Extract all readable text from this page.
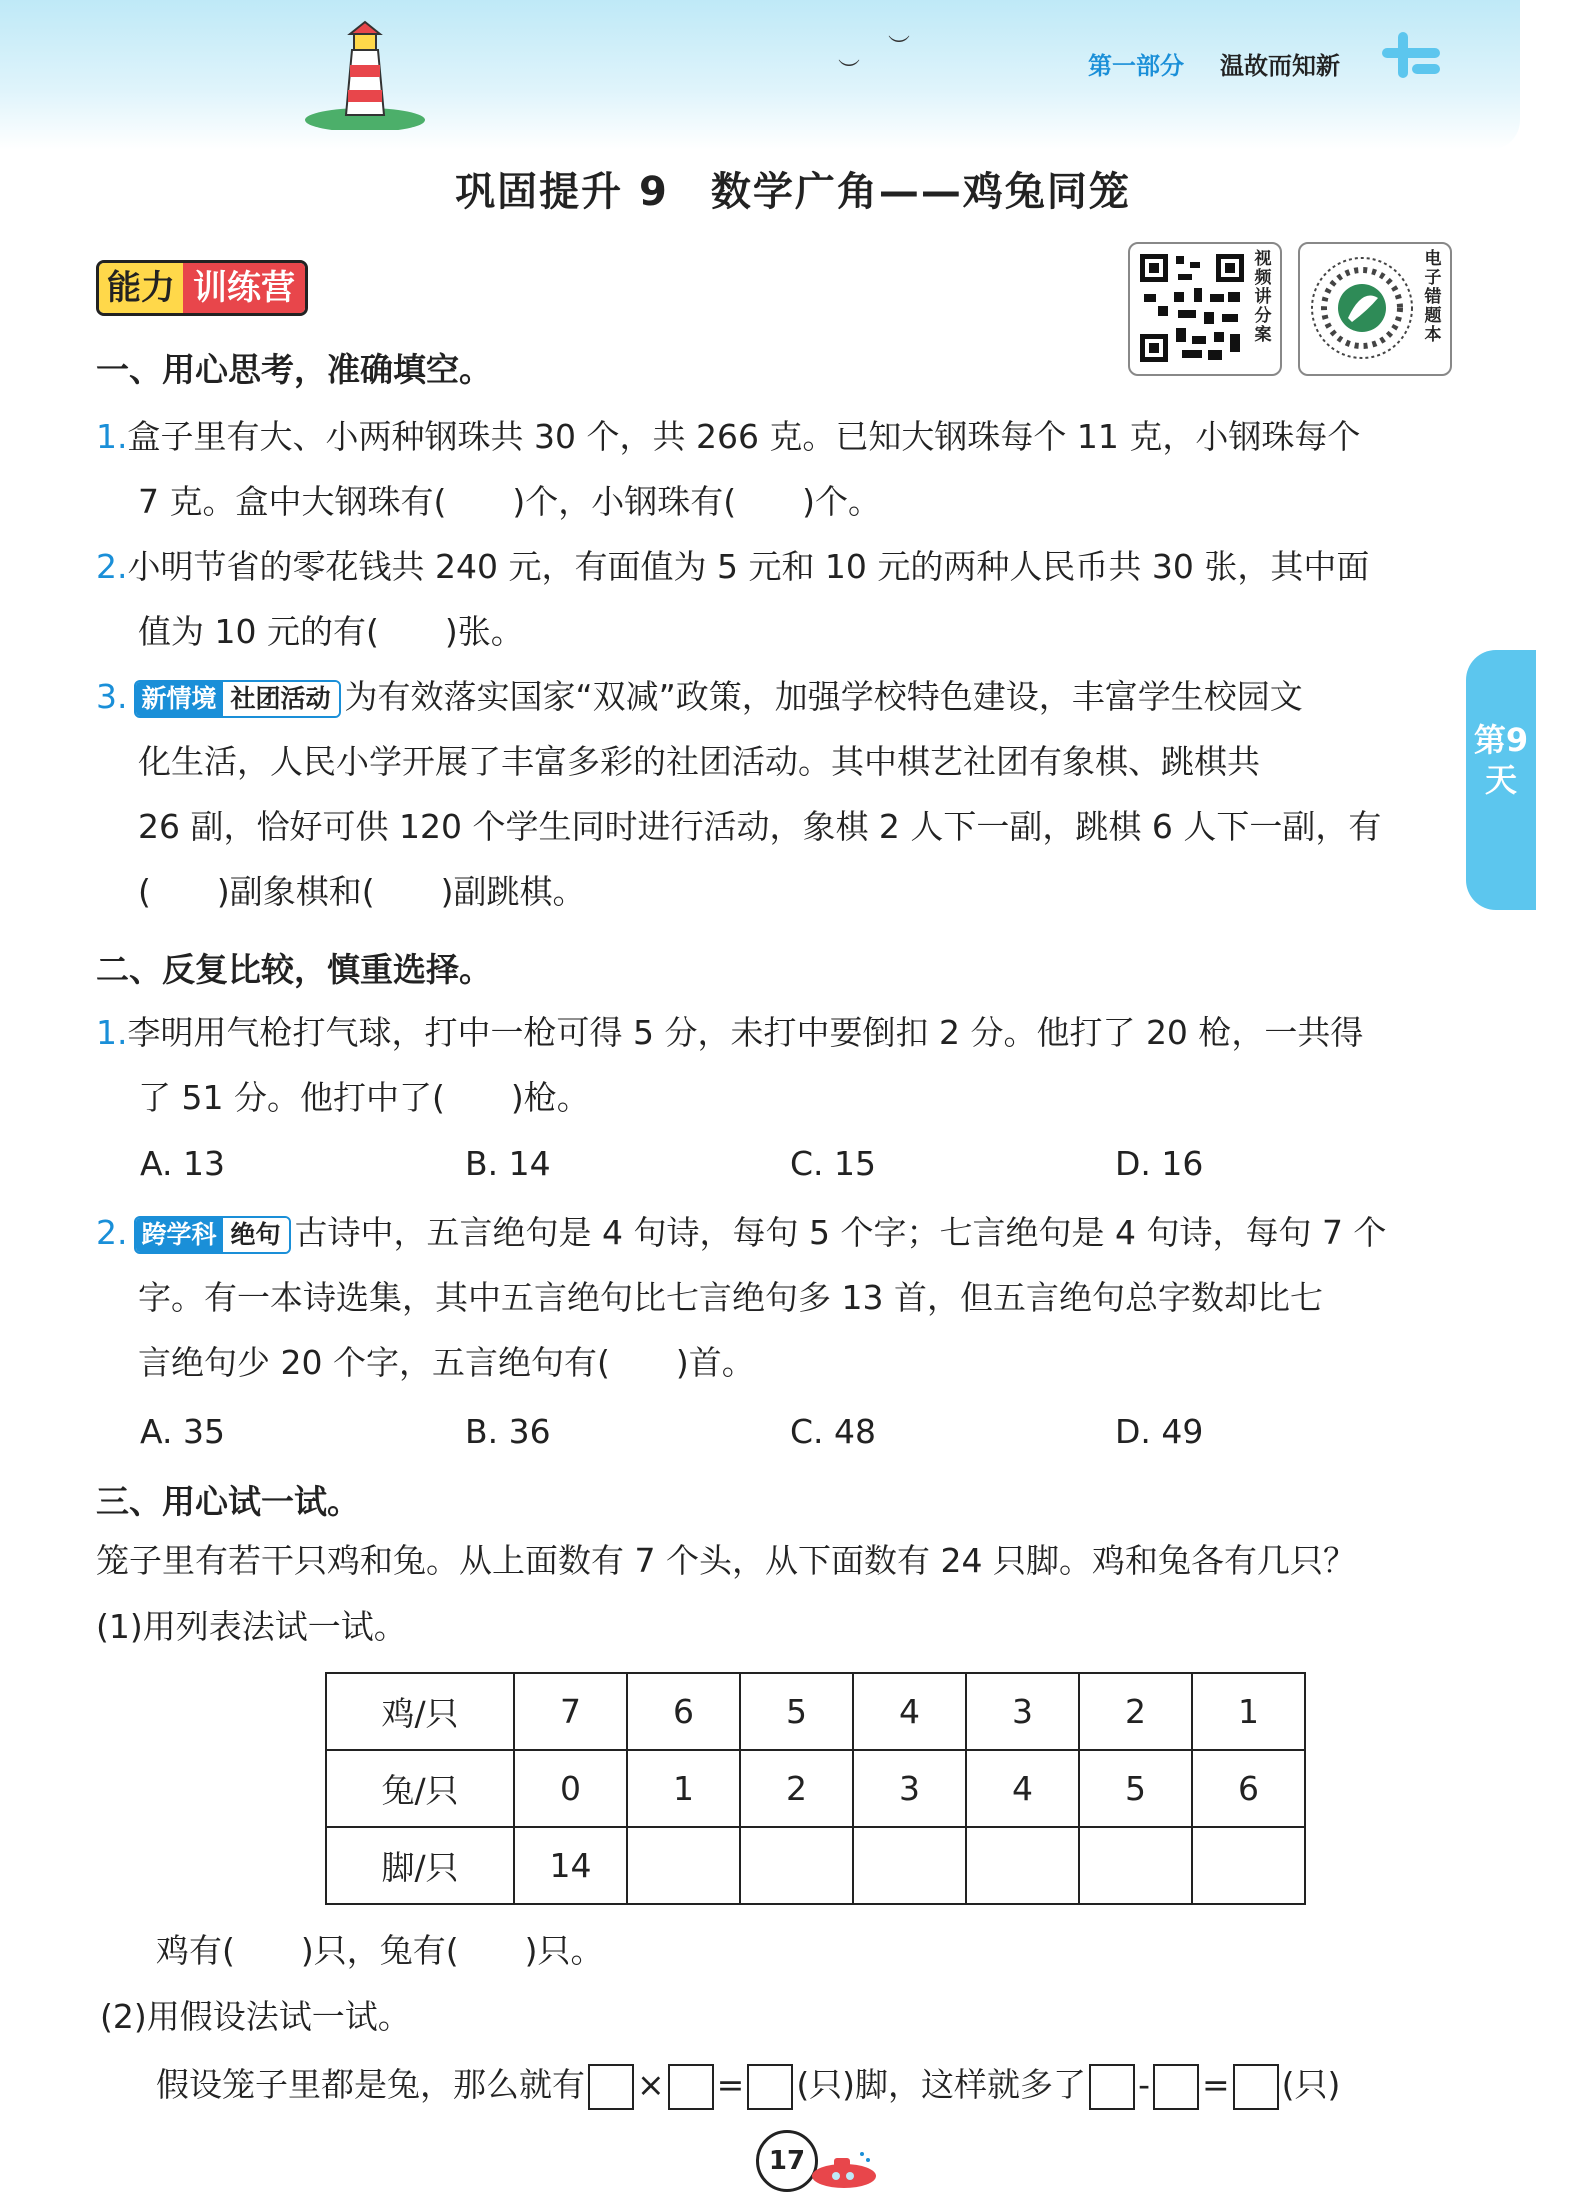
︶
︶
第一部分 温故而知新
巩固提升 9　数学广角——鸡兔同笼
能力 训练营
视频讲分案
电子错题本
第9天
一、用心思考，准确填空。
1.盒子里有大、小两种钢珠共 30 个，共 266 克。已知大钢珠每个 11 克，小钢珠每个
7 克。盒中大钢珠有(　　)个，小钢珠有(　　)个。
2.小明节省的零花钱共 240 元，有面值为 5 元和 10 元的两种人民币共 30 张，其中面
值为 10 元的有(　　)张。
3. 新情境 社团活动 为有效落实国家“双减”政策，加强学校特色建设，丰富学生校园文
化生活，人民小学开展了丰富多彩的社团活动。其中棋艺社团有象棋、跳棋共
26 副，恰好可供 120 个学生同时进行活动，象棋 2 人下一副，跳棋 6 人下一副，有
(　　)副象棋和(　　)副跳棋。
二、反复比较，慎重选择。
1.李明用气枪打气球，打中一枪可得 5 分，未打中要倒扣 2 分。他打了 20 枪，一共得
了 51 分。他打中了(　　)枪。
A. 13	B. 14	C. 15	D. 16
2. 跨学科 绝句 古诗中，五言绝句是 4 句诗，每句 5 个字；七言绝句是 4 句诗，每句 7 个
字。有一本诗选集，其中五言绝句比七言绝句多 13 首，但五言绝句总字数却比七
言绝句少 20 个字，五言绝句有(　　)首。
A. 35	B. 36	C. 48	D. 49
三、用心试一试。
笼子里有若干只鸡和兔。从上面数有 7 个头，从下面数有 24 只脚。鸡和兔各有几只？
(1)用列表法试一试。
鸡/只	7	6	5	4	3	2	1
兔/只	0	1	2	3	4	5	6
脚/只	14						
鸡有(　　)只，兔有(　　)只。
(2)用假设法试一试。
假设笼子里都是兔，那么就有 × = (只)脚，这样就多了 - = (只)
17
